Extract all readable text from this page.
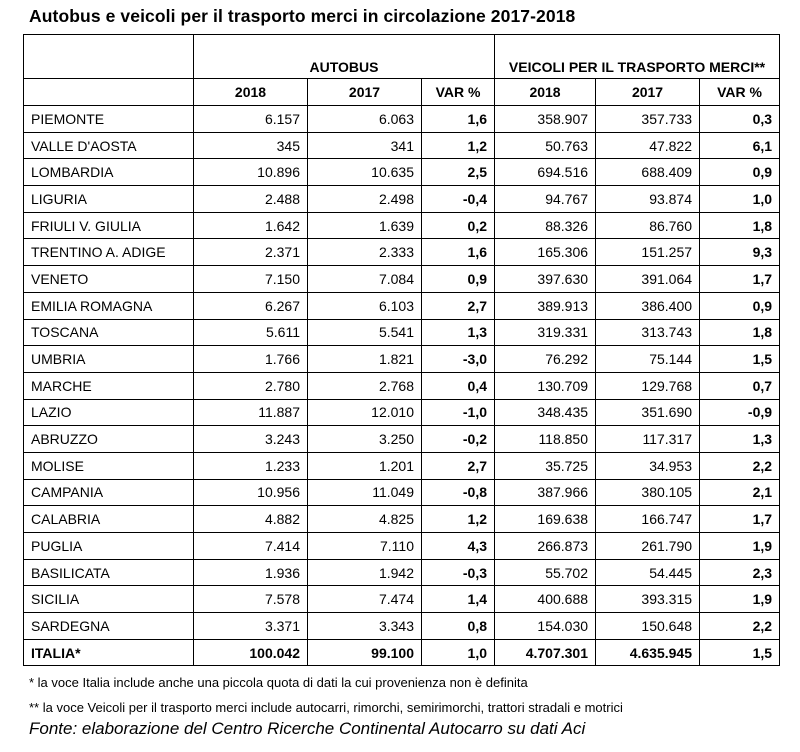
Autobus e veicoli per il trasporto merci in circolazione 2017-2018
	AUTOBUS			VEICOLI PER IL TRASPORTO MERCI**		
	2018	2017	VAR %	2018	2017	VAR %
PIEMONTE	6.157	6.063	1,6	358.907	357.733	0,3
VALLE D'AOSTA	345	341	1,2	50.763	47.822	6,1
LOMBARDIA	10.896	10.635	2,5	694.516	688.409	0,9
LIGURIA	2.488	2.498	-0,4	94.767	93.874	1,0
FRIULI V. GIULIA	1.642	1.639	0,2	88.326	86.760	1,8
TRENTINO A. ADIGE	2.371	2.333	1,6	165.306	151.257	9,3
VENETO	7.150	7.084	0,9	397.630	391.064	1,7
EMILIA ROMAGNA	6.267	6.103	2,7	389.913	386.400	0,9
TOSCANA	5.611	5.541	1,3	319.331	313.743	1,8
UMBRIA	1.766	1.821	-3,0	76.292	75.144	1,5
MARCHE	2.780	2.768	0,4	130.709	129.768	0,7
LAZIO	11.887	12.010	-1,0	348.435	351.690	-0,9
ABRUZZO	3.243	3.250	-0,2	118.850	117.317	1,3
MOLISE	1.233	1.201	2,7	35.725	34.953	2,2
CAMPANIA	10.956	11.049	-0,8	387.966	380.105	2,1
CALABRIA	4.882	4.825	1,2	169.638	166.747	1,7
PUGLIA	7.414	7.110	4,3	266.873	261.790	1,9
BASILICATA	1.936	1.942	-0,3	55.702	54.445	2,3
SICILIA	7.578	7.474	1,4	400.688	393.315	1,9
SARDEGNA	3.371	3.343	0,8	154.030	150.648	2,2
ITALIA*	100.042	99.100	1,0	4.707.301	4.635.945	1,5
* la voce Italia include anche una piccola quota di dati la cui provenienza non è definita
** la voce Veicoli per il trasporto merci include autocarri, rimorchi, semirimorchi, trattori stradali e motrici
Fonte: elaborazione del Centro Ricerche Continental Autocarro su dati Aci
